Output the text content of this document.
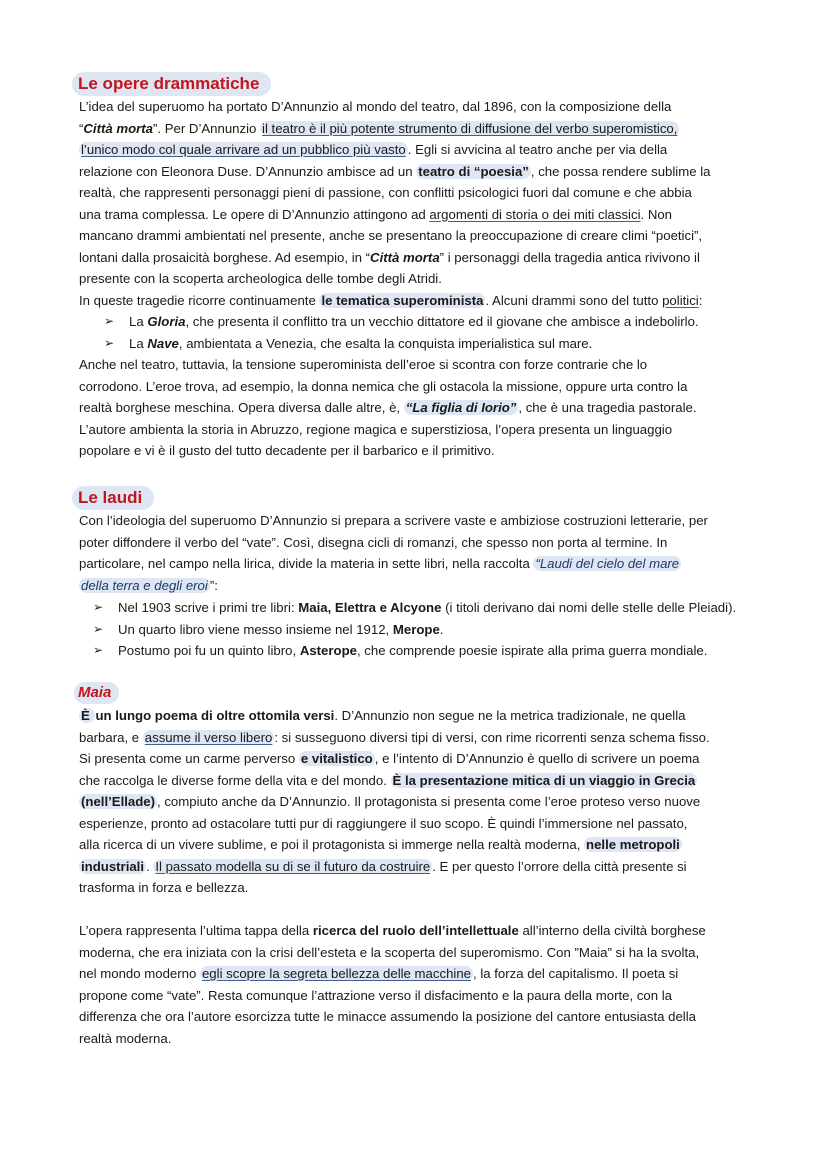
Le opere drammatiche
L’idea del superuomo ha portato D’Annunzio al mondo del teatro, dal 1896, con la composizione della
“Città morta”. Per D’Annunzio il teatro è il più potente strumento di diffusione del verbo superomistico,
l’unico modo col quale arrivare ad un pubblico più vasto . Egli si avvicina al teatro anche per via della
relazione con Eleonora Duse. D’Annunzio ambisce ad un teatro di “poesia” , che possa rendere sublime la
realtà, che rappresenti personaggi pieni di passione, con conflitti psicologici fuori dal comune e che abbia
una trama complessa. Le opere di D’Annunzio attingono ad argomenti di storia o dei miti classici. Non
mancano drammi ambientati nel presente, anche se presentano la preoccupazione di creare climi “poetici”,
lontani dalla prosaicità borghese. Ad esempio, in “Città morta” i personaggi della tragedia antica rivivono il
presente con la scoperta archeologica delle tombe degli Atridi.
In queste tragedie ricorre continuamente le tematica superominista . Alcuni drammi sono del tutto politici:
➢ La Gloria, che presenta il conflitto tra un vecchio dittatore ed il giovane che ambisce a indebolirlo.
➢ La Nave, ambientata a Venezia, che esalta la conquista imperialistica sul mare.
Anche nel teatro, tuttavia, la tensione superominista dell’eroe si scontra con forze contrarie che lo
corrodono. L’eroe trova, ad esempio, la donna nemica che gli ostacola la missione, oppure urta contro la
realtà borghese meschina. Opera diversa dalle altre, è, “La figlia di Iorio” , che è una tragedia pastorale.
L’autore ambienta la storia in Abruzzo, regione magica e superstiziosa, l’opera presenta un linguaggio
popolare e vi è il gusto del tutto decadente per il barbarico e il primitivo.
Le laudi
Con l’ideologia del superuomo D’Annunzio si prepara a scrivere vaste e ambiziose costruzioni letterarie, per
poter diffondere il verbo del “vate”. Così, disegna cicli di romanzi, che spesso non porta al termine. In
particolare, nel campo nella lirica, divide la materia in sette libri, nella raccolta “Laudi del cielo del mare
della terra e degli eroi ”:
➢ Nel 1903 scrive i primi tre libri: Maia, Elettra e Alcyone (i titoli derivano dai nomi delle stelle delle Pleiadi).
➢ Un quarto libro viene messo insieme nel 1912, Merope.
➢ Postumo poi fu un quinto libro, Asterope, che comprende poesie ispirate alla prima guerra mondiale.
Maia
È un lungo poema di oltre ottomila versi. D’Annunzio non segue ne la metrica tradizionale, ne quella
barbara, e assume il verso libero : si susseguono diversi tipi di versi, con rime ricorrenti senza schema fisso.
Si presenta come un carme perverso e vitalistico , e l’intento di D’Annunzio è quello di scrivere un poema
che raccolga le diverse forme della vita e del mondo. È la presentazione mitica di un viaggio in Grecia
(nell’Ellade) , compiuto anche da D’Annunzio. Il protagonista si presenta come l’eroe proteso verso nuove
esperienze, pronto ad ostacolare tutti pur di raggiungere il suo scopo. È quindi l’immersione nel passato,
alla ricerca di un vivere sublime, e poi il protagonista si immerge nella realtà moderna, nelle metropoli
industriali . Il passato modella su di se il futuro da costruire . E per questo l’orrore della città presente si
trasforma in forza e bellezza.
L’opera rappresenta l’ultima tappa della ricerca del ruolo dell’intellettuale all’interno della civiltà borghese
moderna, che era iniziata con la crisi dell’esteta e la scoperta del superomismo. Con ”Maia” si ha la svolta,
nel mondo moderno egli scopre la segreta bellezza delle macchine , la forza del capitalismo. Il poeta si
propone come “vate”. Resta comunque l’attrazione verso il disfacimento e la paura della morte, con la
differenza che ora l’autore esorcizza tutte le minacce assumendo la posizione del cantore entusiasta della
realtà moderna.
